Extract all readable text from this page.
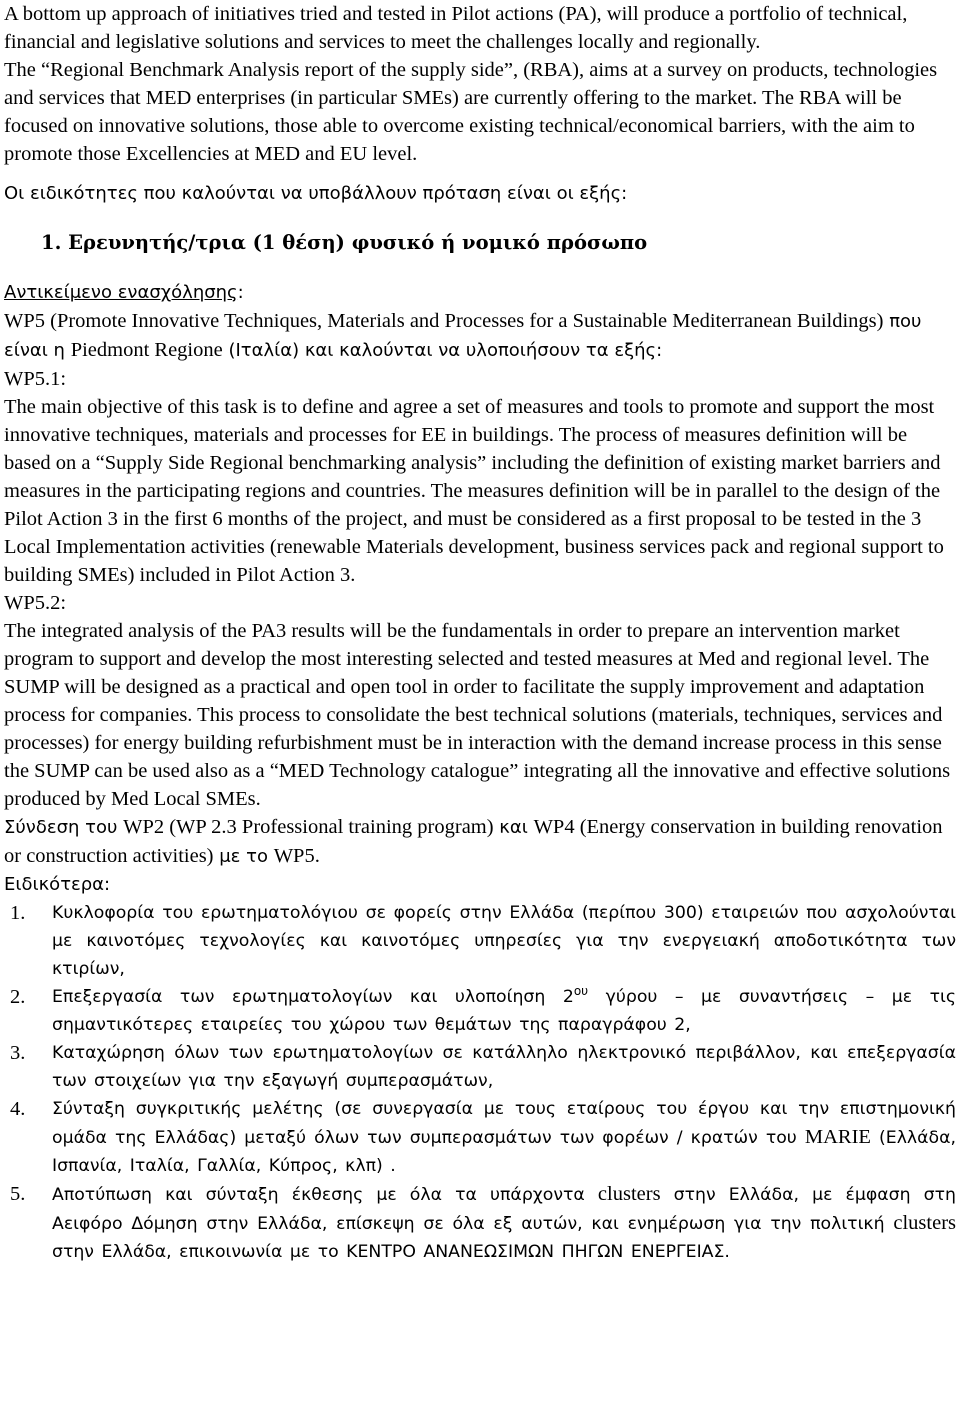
A bottom up approach of initiatives tried and tested in Pilot actions (PA), will produce a portfolio of technical, financial and legislative solutions and services to meet the challenges locally and regionally.

The “Regional Benchmark Analysis report of the supply side”, (RBA), aims at a survey on products, technologies and services that MED enterprises (in particular SMEs) are currently offering to the market. The RBA will be focused on innovative solutions, those able to overcome existing technical/economical barriers, with the aim to promote those Excellencies at MED and EU level.

Οι ειδικότητες που καλούνται να υποβάλλουν πρόταση είναι οι εξής:

1. Ερευνητής/τρια (1 θέση) φυσικό ή νομικό πρόσωπο

Αντικείμενο ενασχόλησης:

WP5 (Promote Innovative Techniques, Materials and Processes for a Sustainable Mediterranean Buildings) που είναι η Piedmont Regione (Ιταλία) και καλούνται να υλοποιήσουν τα εξής:

WP5.1:

The main objective of this task is to define and agree a set of measures and tools to promote and support the most innovative techniques, materials and processes for EE in buildings. The process of measures definition will be based on a “Supply Side Regional benchmarking analysis” including the definition of existing market barriers and measures in the participating regions and countries. The measures definition will be in parallel to the design of the Pilot Action 3 in the first 6 months of the project, and must be considered as a first proposal to be tested in the 3 Local Implementation activities (renewable Materials development, business services pack and regional support to building SMEs) included in Pilot Action 3.

WP5.2:

The integrated analysis of the PA3 results will be the fundamentals in order to prepare an intervention market program to support and develop the most interesting selected and tested measures at Med and regional level. The SUMP will be designed as a practical and open tool in order to facilitate the supply improvement and adaptation process for companies. This process to consolidate the best technical solutions (materials, techniques, services and processes) for energy building refurbishment must be in interaction with the demand increase process in this sense the SUMP can be used also as a “MED Technology catalogue” integrating all the innovative and effective solutions produced by Med Local SMEs.

Σύνδεση του WP2 (WP 2.3 Professional training program) και WP4 (Energy conservation in building renovation or construction activities) με το WP5.

Ειδικότερα:

1. Κυκλοφορία του ερωτηματολόγιου σε φορείς στην Ελλάδα (περίπου 300) εταιρειών που ασχολούνται με καινοτόμες τεχνολογίες και καινοτόμες υπηρεσίες για την ενεργειακή αποδοτικότητα των κτιρίων,
2. Επεξεργασία των ερωτηματολογίων και υλοποίηση $2^{o\upsilon}$ γύρου – με συναντήσεις – με τις σημαντικότερες εταιρείες του χώρου των θεμάτων της παραγράφου 2,
3. Καταχώρηση όλων των ερωτηματολογίων σε κατάλληλο ηλεκτρονικό περιβάλλον, και επεξεργασία των στοιχείων για την εξαγωγή συμπερασμάτων,
4. Σύνταξη συγκριτικής μελέτης (σε συνεργασία με τους εταίρους του έργου και την επιστημονική ομάδα της Ελλάδας) μεταξύ όλων των συμπερασμάτων των φορέων / κρατών του MARIE (Ελλάδα, Ισπανία, Ιταλία, Γαλλία, Κύπρος, κλπ) .
5. Αποτύπωση και σύνταξη έκθεσης με όλα τα υπάρχοντα clusters στην Ελλάδα, με έμφαση στη Αειφόρο Δόμηση στην Ελλάδα, επίσκεψη σε όλα εξ αυτών, και ενημέρωση για την πολιτική clusters στην Ελλάδα, επικοινωνία με το ΚΕΝΤΡΟ ΑΝΑΝΕΩΣΙΜΩΝ ΠΗΓΩΝ ΕΝΕΡΓΕΙΑΣ.
